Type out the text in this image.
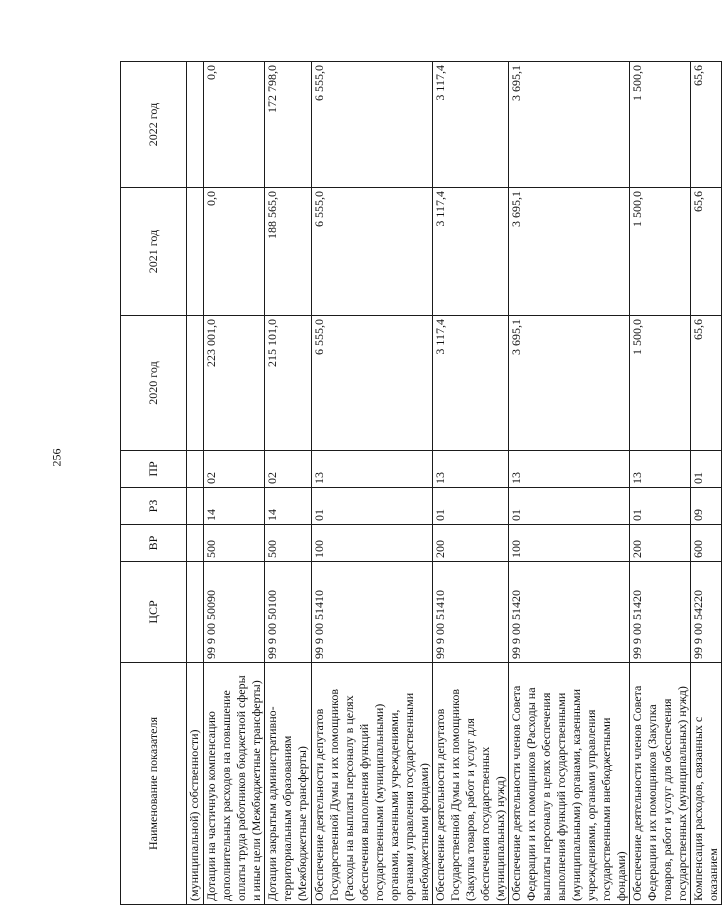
256
Наименование показателя	ЦСР	ВР	РЗ	ПР	2020 год	2021 год	2022 год
(муниципальной) собственности)							
Дотации на частичную компенсацию дополнительных расходов на повышение оплаты труда работников бюджетной сферы и иные цели (Межбюджетные трансферты)	99 9 00 50090	500	14	02	223 001,0	0,0	0,0
Дотации закрытым административно-территориальным образованиям (Межбюджетные трансферты)	99 9 00 50100	500	14	02	215 101,0	188 565,0	172 798,0
Обеспечение деятельности депутатов Государственной Думы и их помощников (Расходы на выплаты персоналу в целях обеспечения выполнения функций государственными (муниципальными) органами, казенными учреждениями, органами управления государственными внебюджетными фондами)	99 9 00 51410	100	01	13	6 555,0	6 555,0	6 555,0
Обеспечение деятельности депутатов Государственной Думы и их помощников (Закупка товаров, работ и услуг для обеспечения государственных (муниципальных) нужд)	99 9 00 51410	200	01	13	3 117,4	3 117,4	3 117,4
Обеспечение деятельности членов Совета Федерации и их помощников (Расходы на выплаты персоналу в целях обеспечения выполнения функций государственными (муниципальными) органами, казенными учреждениями, органами управления государственными внебюджетными фондами)	99 9 00 51420	100	01	13	3 695,1	3 695,1	3 695,1
Обеспечение деятельности членов Совета Федерации и их помощников (Закупка товаров, работ и услуг для обеспечения государственных (муниципальных) нужд)	99 9 00 51420	200	01	13	1 500,0	1 500,0	1 500,0
Компенсация расходов, связанных с оказанием	99 9 00 54220	600	09	01	65,6	65,6	65,6
